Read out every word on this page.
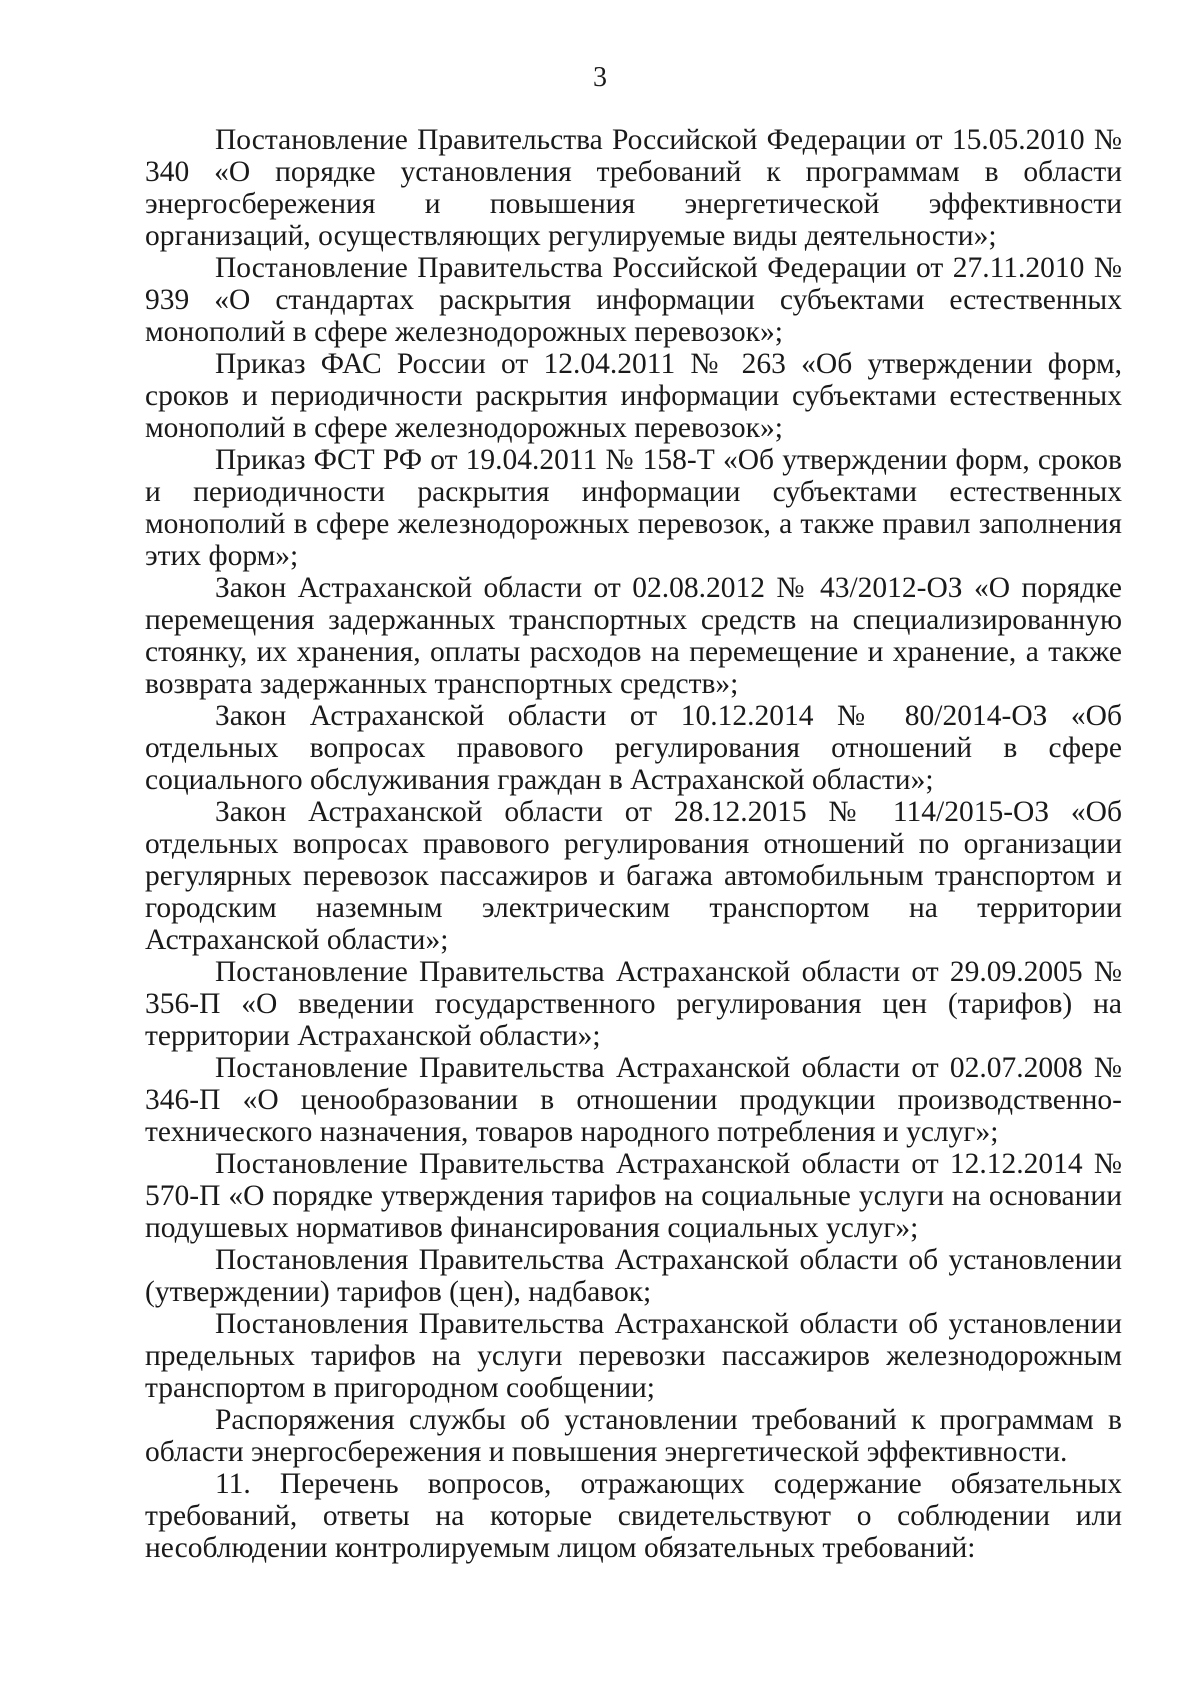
3

Постановление Правительства Российской Федерации от 15.05.2010 № 340 «О порядке установления требований к программам в области энергосбережения и повышения энергетической эффективности организаций, осуществляющих регулируемые виды деятельности»;

Постановление Правительства Российской Федерации от 27.11.2010 № 939 «О стандартах раскрытия информации субъектами естественных монополий в сфере железнодорожных перевозок»;

Приказ ФАС России от 12.04.2011 № 263 «Об утверждении форм, сроков и периодичности раскрытия информации субъектами естественных монополий в сфере железнодорожных перевозок»;

Приказ ФСТ РФ от 19.04.2011 № 158-Т «Об утверждении форм, сроков и периодичности раскрытия информации субъектами естественных монополий в сфере железнодорожных перевозок, а также правил заполнения этих форм»;

Закон Астраханской области от 02.08.2012 № 43/2012-ОЗ «О порядке перемещения задержанных транспортных средств на специализированную стоянку, их хранения, оплаты расходов на перемещение и хранение, а также возврата задержанных транспортных средств»;

Закон Астраханской области от 10.12.2014 № 80/2014-ОЗ «Об отдельных вопросах правового регулирования отношений в сфере социального обслуживания граждан в Астраханской области»;

Закон Астраханской области от 28.12.2015 № 114/2015-ОЗ «Об отдельных вопросах правового регулирования отношений по организации регулярных перевозок пассажиров и багажа автомобильным транспортом и городским наземным электрическим транспортом на территории Астраханской области»;

Постановление Правительства Астраханской области от 29.09.2005 № 356-П «О введении государственного регулирования цен (тарифов) на территории Астраханской области»;

Постановление Правительства Астраханской области от 02.07.2008 № 346-П «О ценообразовании в отношении продукции производственно-технического назначения, товаров народного потребления и услуг»;

Постановление Правительства Астраханской области от 12.12.2014 № 570-П «О порядке утверждения тарифов на социальные услуги на основании подушевых нормативов финансирования социальных услуг»;

Постановления Правительства Астраханской области об установлении (утверждении) тарифов (цен), надбавок;

Постановления Правительства Астраханской области об установлении предельных тарифов на услуги перевозки пассажиров железнодорожным транспортом в пригородном сообщении;

Распоряжения службы об установлении требований к программам в области энергосбережения и повышения энергетической эффективности.

11. Перечень вопросов, отражающих содержание обязательных требований, ответы на которые свидетельствуют о соблюдении или несоблюдении контролируемым лицом обязательных требований:
